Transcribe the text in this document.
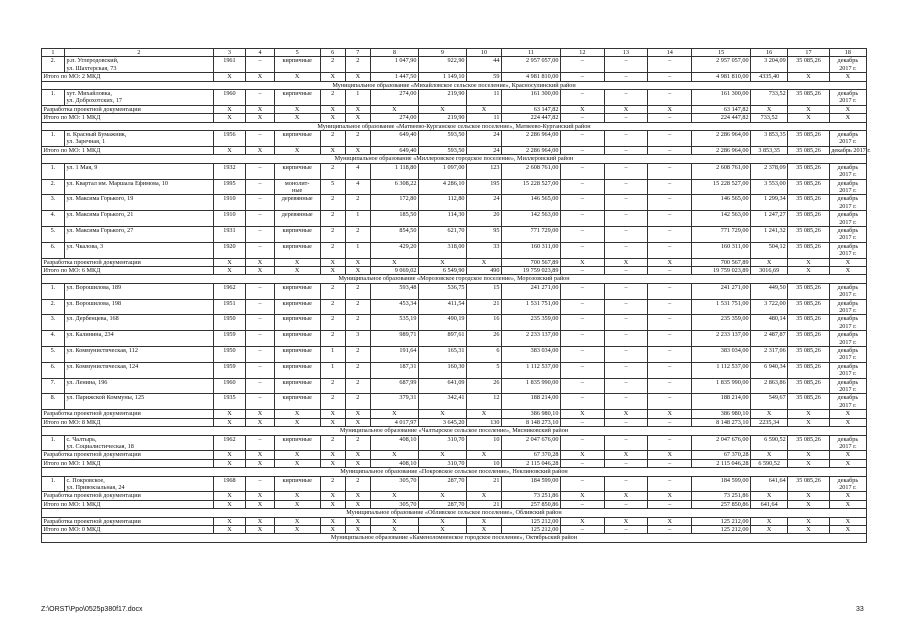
1	2	3	4	5	6	7	8	9	10	11	12	13	14	15	16	17	18
2.	р.п. Углеродовский,
ул. Шахтерская, 73	1961	–	кирпичные	2	2	1 047,90	922,90	44	2 957 057,00	–	–	–	2 957 057,00	3 204,09	35 085,26	декабрь
2017 г.
Итого по МО: 2 МКД		X	X	X	X	X	1 447,50	1 149,10	59	4 981 810,00	–	–	–	4 981 810,00	4335,40	X	X
Муниципальное образование «Михайловское сельское поселение», Красносулинский район																	
1.	хут. Михайловка,
ул. Доброхотских, 17	1960	–	кирпичные	2	1	274,00	219,90	11	161 300,00	–	–	–	161 300,00	733,52	35 085,26	декабрь
2017 г.
Разработка проектной документации		X	X	X	X	X	X	X	X	63 147,82	X	X	X	63 147,82	X	X	X
Итого по МО: 1 МКД		X	X	X	X	X	274,00	219,90	11	224 447,82	–	–	–	224 447,82	733,52	X	X
Муниципальное образование «Матвеево-Курганское сельское поселение», Матвеево-Курганский район																	
1.	п. Красный Бумажник,
ул. Заречная, 1	1956	–	кирпичные	2	2	649,40	593,50	24	2 286 964,00	–	–	–	2 286 964,00	3 853,35	35 085,26	декабрь
2017 г.
Итого по МО: 1 МКД		X	X	X	X	X	649,40	593,50	24	2 286 964,00	–	–	–	2 286 964,00	3 853,35	35 085,26	декабрь 2017 г.
Муниципальное образование «Миллеровское городское поселение», Миллеровский район																	
1.	ул. 1 Мая, 9	1932	–	кирпичные	2	4	1 118,80	1 097,00	123	2 608 761,00	–	–	–	2 608 761,00	2 378,09	35 085,26	декабрь
2017 г.
2.	ул. Квартал им. Маршала Ефимова, 10	1995	–	монолит-
ные	5	4	6 308,22	4 286,10	195	15 228 527,00	–	–	–	15 228 527,00	3 553,00	35 085,26	декабрь
2017 г.
3.	ул. Максима Горького, 19	1910	–	деревянные	2	2	172,80	112,80	24	146 565,00	–	–	–	146 565,00	1 299,34	35 085,26	декабрь
2017 г.
4.	ул. Максима Горького, 21	1910	–	деревянные	2	1	185,50	114,30	20	142 563,00	–	–	–	142 563,00	1 247,27	35 085,26	декабрь
2017 г.
5.	ул. Максима Горького, 27	1931	–	кирпичные	2	2	854,50	621,70	95	771 729,00	–	–	–	771 729,00	1 241,32	35 085,26	декабрь
2017 г.
6.	ул. Чкалова, 3	1920	–	кирпичные	2	1	429,20	318,00	33	160 311,00	–	–	–	160 311,00	504,12	35 085,26	декабрь
2017 г.
Разработка проектной документации		X	X	X	X	X	X	X	X	700 567,89	X	X	X	700 567,89	X	X	X
Итого по МО: 6 МКД		X	X	X	X	X	9 069,02	6 549,90	490	19 759 023,89	–	–	–	19 759 023,89	3016,69	X	X
Муниципальное образование «Морозовское городское поселение», Морозовский район																	
1.	ул. Ворошилова, 189	1962	–	кирпичные	2	2	593,48	536,75	15	241 271,00	–	–	–	241 271,00	449,50	35 085,26	декабрь
2017 г.
2.	ул. Ворошилова, 198	1951	–	кирпичные	2	2	453,34	411,54	21	1 531 751,00	–	–	–	1 531 751,00	3 722,00	35 085,26	декабрь
2017 г.
3.	ул. Дербенцева, 168	1950	–	кирпичные	2	2	535,19	490,19	16	235 359,00	–	–	–	235 359,00	480,14	35 085,26	декабрь
2017 г.
4.	ул. Калинина, 234	1959	–	кирпичные	2	3	989,71	897,61	26	2 233 137,00	–	–	–	2 233 137,00	2 487,87	35 085,26	декабрь
2017 г.
5.	ул. Коммунистическая, 112	1950	–	кирпичные	1	2	191,64	165,31	6	383 034,00	–	–	–	383 034,00	2 317,06	35 085,26	декабрь
2017 г.
6.	ул. Коммунистическая, 124	1959	–	кирпичные	1	2	187,31	160,30	5	1 112 537,00	–	–	–	1 112 537,00	6 940,34	35 085,26	декабрь
2017 г.
7.	ул. Ленина, 196	1960	–	кирпичные	2	2	687,99	641,09	26	1 835 990,00	–	–	–	1 835 990,00	2 863,86	35 085,26	декабрь
2017 г.
8.	ул. Парижской Коммуны, 125	1935	–	кирпичные	2	2	379,31	342,41	12	188 214,00	–	–	–	188 214,00	549,67	35 085,26	декабрь
2017 г.
Разработка проектной документации		X	X	X	X	X	X	X	X	386 980,10	X	X	X	386 980,10	X	X	X
Итого по МО: 8 МКД		X	X	X	X	X	4 017,97	3 645,20	130	8 148 273,10	–	–	–	8 148 273,10	2235,34	X	X
Муниципальное образование «Чалтырское сельское поселение», Мясниковский район																	
1.	с. Чалтырь,
ул. Социалистическая, 18	1962	–	кирпичные	2	2	408,10	310,70	10	2 047 676,00	–	–	–	2 047 676,00	6 590,52	35 085,26	декабрь
2017 г.
Разработка проектной документации		X	X	X	X	X	X	X	X	67 370,28	X	X	X	67 370,28	X	X	X
Итого по МО: 1 МКД		X	X	X	X	X	408,10	310,70	10	2 115 046,28	–	–	–	2 115 046,28	6 590,52	X	X
Муниципальное образование «Покровское сельское поселение», Неклиновский район																	
1.	с. Покровское,
ул. Привокзальная, 24	1968	–	кирпичные	2	2	305,70	287,70	21	184 599,00	–	–	–	184 599,00	641,64	35 085,26	декабрь
2017 г.
Разработка проектной документации		X	X	X	X	X	X	X	X	73 251,86	X	X	X	73 251,86	X	X	X
Итого по МО: 1 МКД		X	X	X	X	X	305,70	287,70	21	257 850,86	–	–	–	257 850,86	641,64	X	X
Муниципальное образование «Обливское сельское поселение», Обливский район																	
Разработка проектной документации		X	X	X	X	X	X	X	X	125 212,00	X	X	X	125 212,00	X	X	X
Итого по МО: 0 МКД		X	X	X	X	X	X	X	X	125 212,00	–	–	–	125 212,00	X	X	X
Муниципальное образование «Каменоломненское городское поселение», Октябрьский район																	
Z:\ORST\Ppo\0525p380f17.docx	33
